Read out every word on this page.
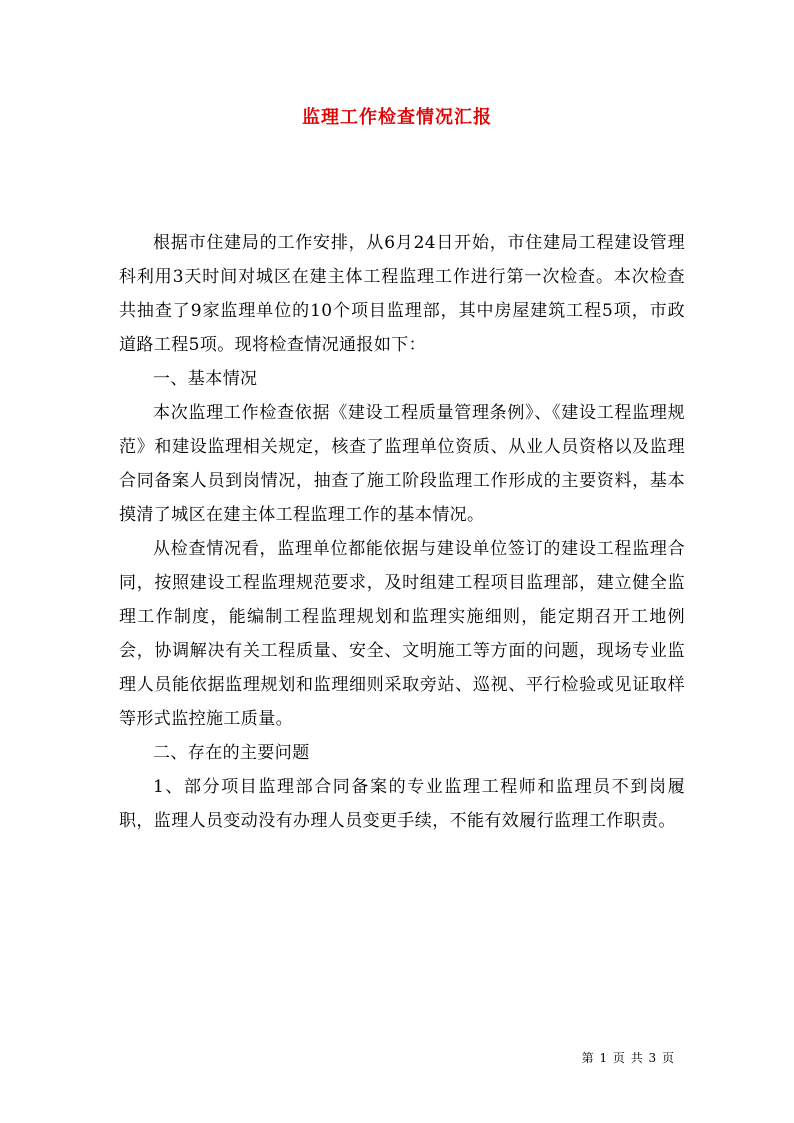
监理工作检查情况汇报

根据市住建局的工作安排，从6月24日开始，市住建局工程建设管理科利用3天时间对城区在建主体工程监理工作进行第一次检查。本次检查共抽查了9家监理单位的10个项目监理部，其中房屋建筑工程5项，市政道路工程5项。现将检查情况通报如下：

一、基本情况

本次监理工作检查依据《建设工程质量管理条例》、《建设工程监理规范》和建设监理相关规定，核查了监理单位资质、从业人员资格以及监理合同备案人员到岗情况，抽查了施工阶段监理工作形成的主要资料，基本摸清了城区在建主体工程监理工作的基本情况。

从检查情况看，监理单位都能依据与建设单位签订的建设工程监理合同，按照建设工程监理规范要求，及时组建工程项目监理部，建立健全监理工作制度，能编制工程监理规划和监理实施细则，能定期召开工地例会，协调解决有关工程质量、安全、文明施工等方面的问题，现场专业监理人员能依据监理规划和监理细则采取旁站、巡视、平行检验或见证取样等形式监控施工质量。

二、存在的主要问题

1、部分项目监理部合同备案的专业监理工程师和监理员不到岗履职，监理人员变动没有办理人员变更手续，不能有效履行监理工作职责。

第 1 页 共 3 页
